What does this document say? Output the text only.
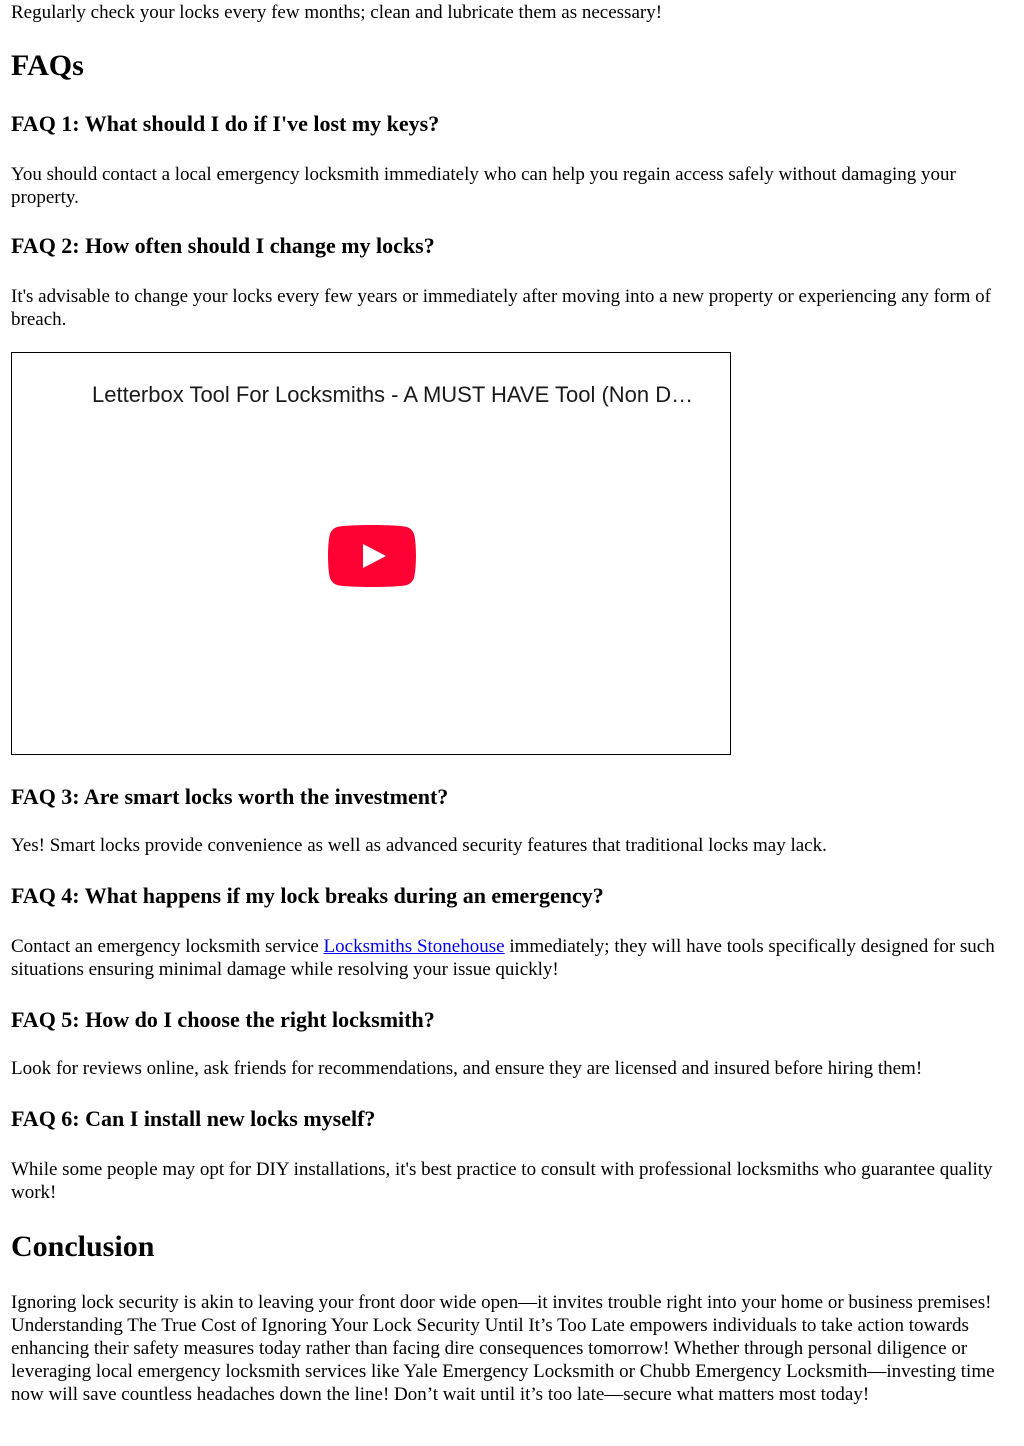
Regularly check your locks every few months; clean and lubricate them as necessary!

FAQs
FAQ 1: What should I do if I've lost my keys?

You should contact a local emergency locksmith immediately who can help you regain access safely without damaging your property.

FAQ 2: How often should I change my locks?

It's advisable to change your locks every few years or immediately after moving into a new property or experiencing any form of breach.

Letterbox Tool For Locksmiths - A MUST HAVE Tool (Non D…
FAQ 3: Are smart locks worth the investment?

Yes! Smart locks provide convenience as well as advanced security features that traditional locks may lack.

FAQ 4: What happens if my lock breaks during an emergency?

Contact an emergency locksmith service Locksmiths Stonehouse immediately; they will have tools specifically designed for such situations ensuring minimal damage while resolving your issue quickly!

FAQ 5: How do I choose the right locksmith?

Look for reviews online, ask friends for recommendations, and ensure they are licensed and insured before hiring them!

FAQ 6: Can I install new locks myself?

While some people may opt for DIY installations, it's best practice to consult with professional locksmiths who guarantee quality work!

Conclusion

Ignoring lock security is akin to leaving your front door wide open—it invites trouble right into your home or business premises! Understanding The True Cost of Ignoring Your Lock Security Until It’s Too Late empowers individuals to take action towards enhancing their safety measures today rather than facing dire consequences tomorrow! Whether through personal diligence or leveraging local emergency locksmith services like Yale Emergency Locksmith or Chubb Emergency Locksmith—investing time now will save countless headaches down the line! Don’t wait until it’s too late—secure what matters most today!
